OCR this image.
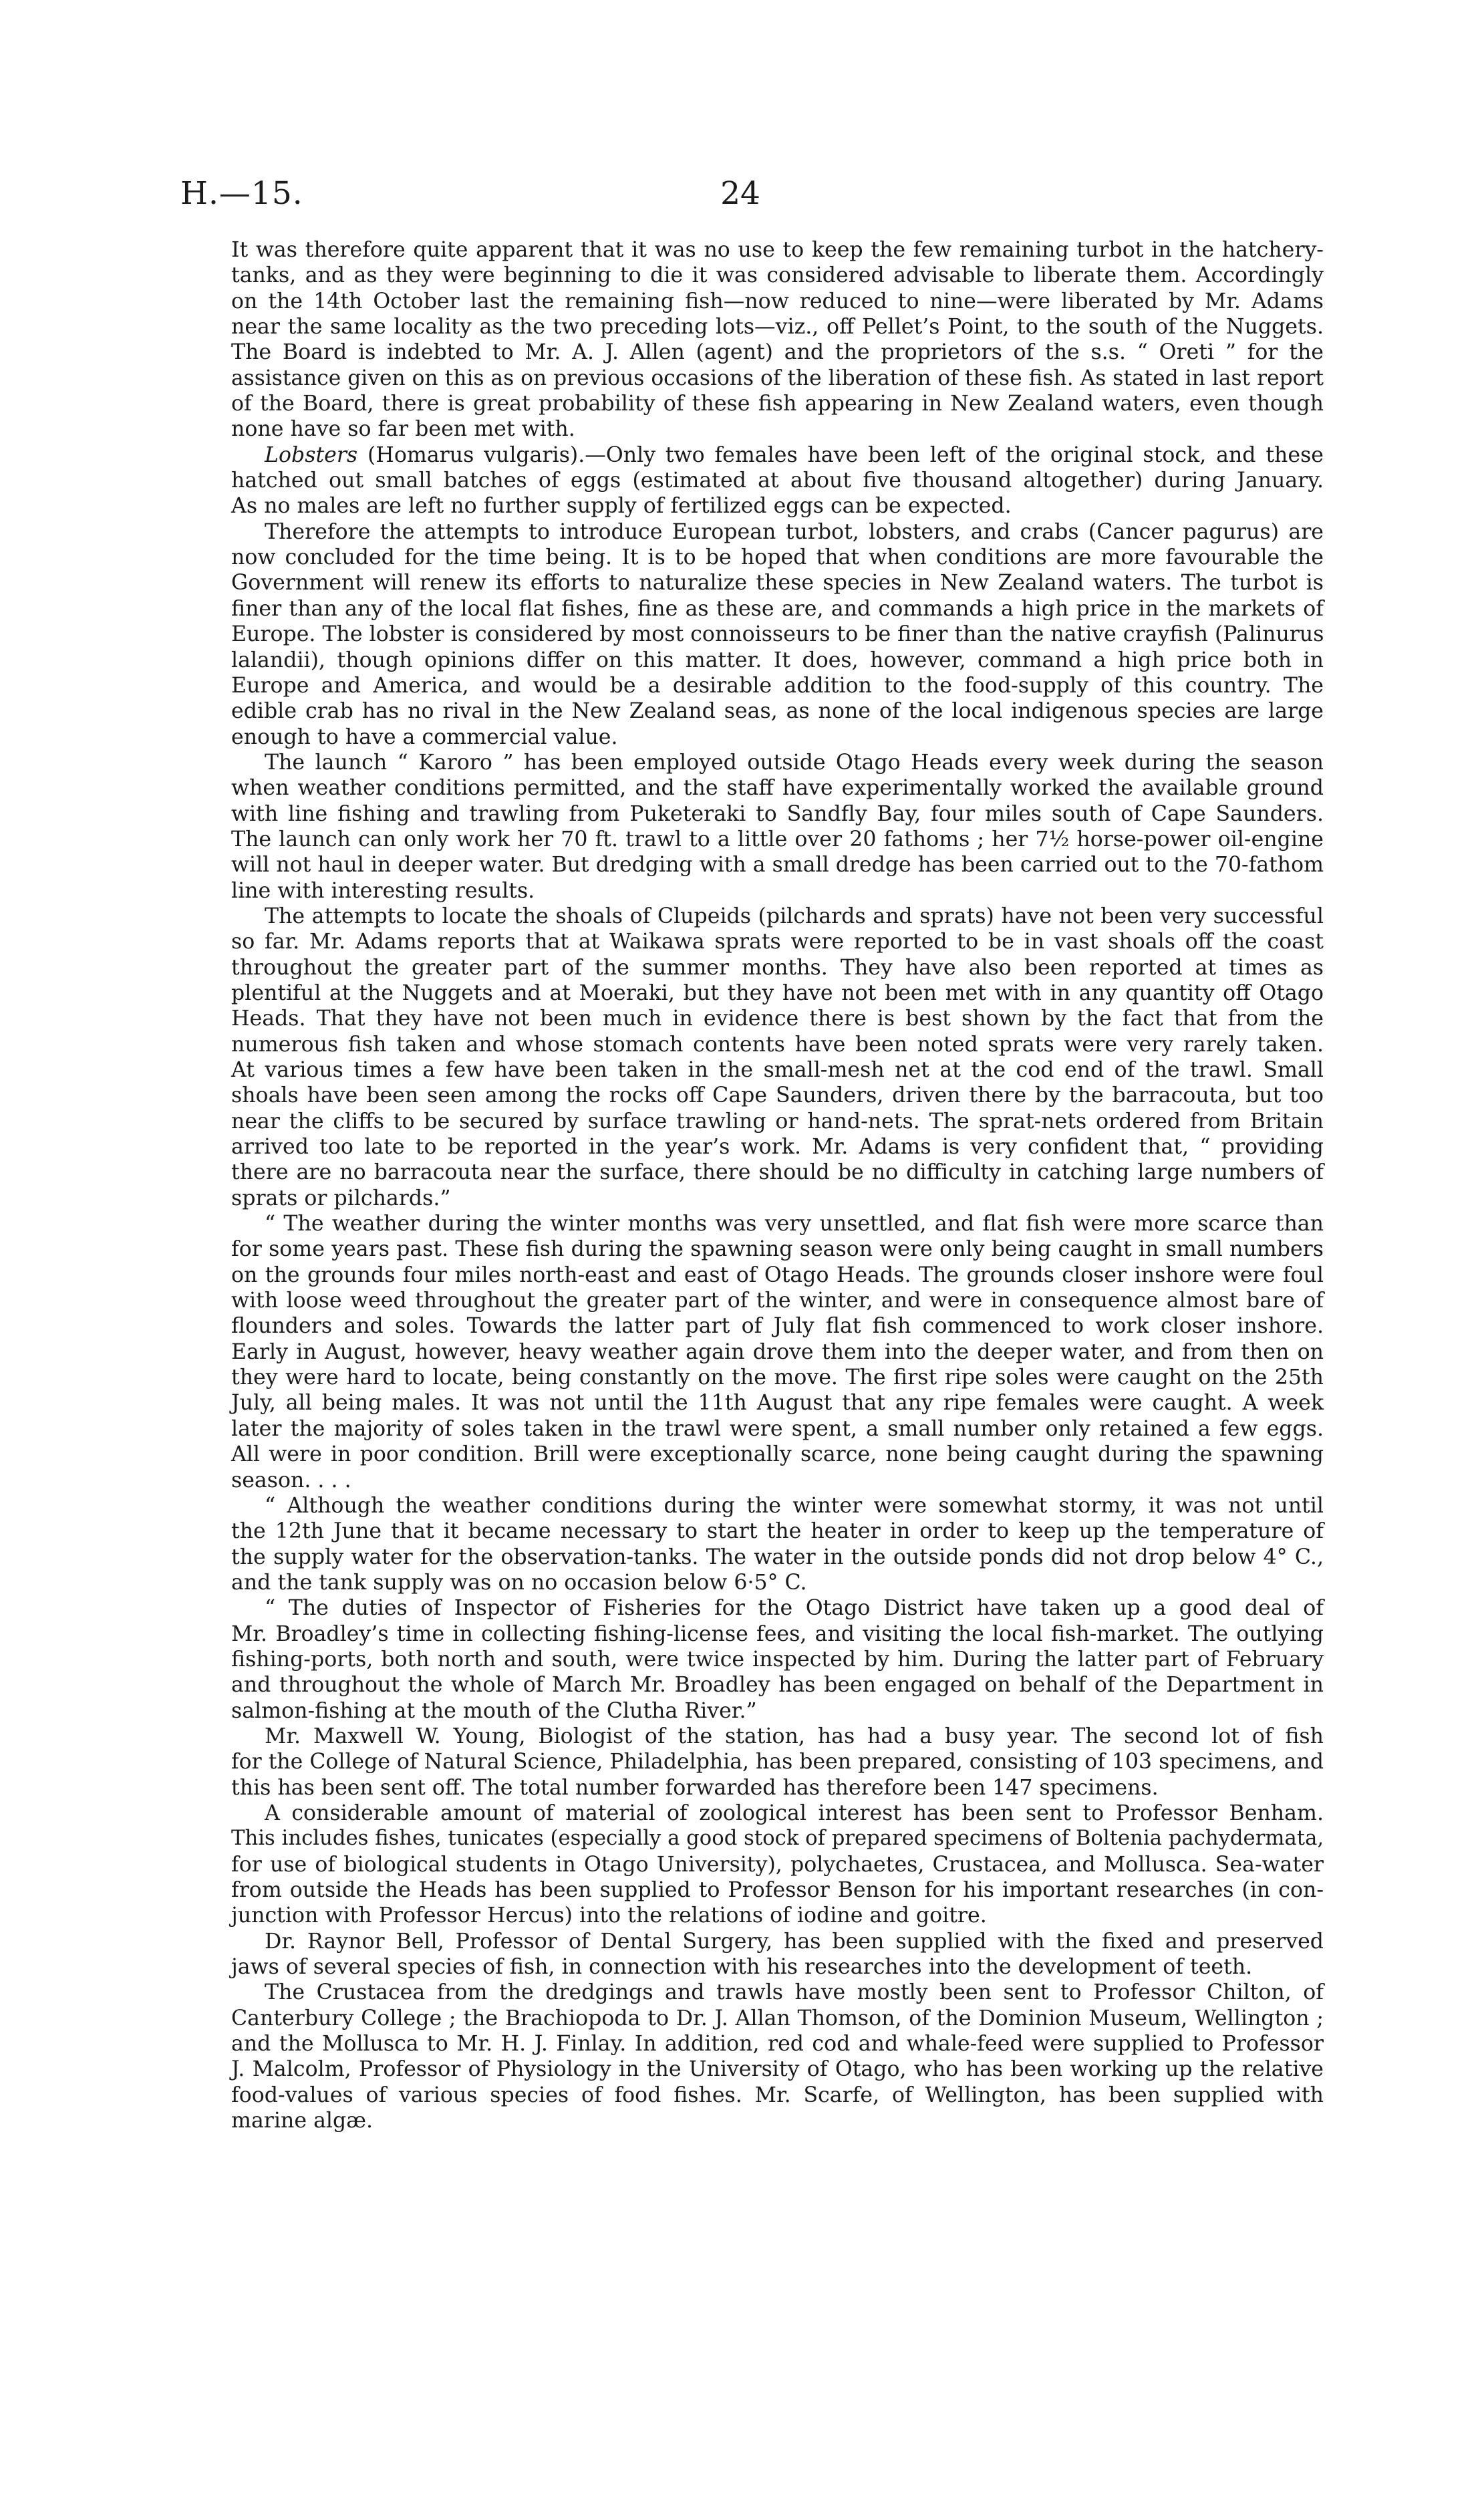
H.—15.	24

It was therefore quite apparent that it was no use to keep the few remaining turbot in the hatchery-

tanks, and as they were beginning to die it was considered advisable to liberate them. Accordingly

on the 14th October last the remaining fish—now reduced to nine—were liberated by Mr. Adams

near the same locality as the two preceding lots—viz., off Pellet’s Point, to the south of the Nuggets.

The Board is indebted to Mr. A. J. Allen (agent) and the proprietors of the s.s. “ Oreti ” for the

assistance given on this as on previous occasions of the liberation of these fish. As stated in last report

of the Board, there is great probability of these fish appearing in New Zealand waters, even though

none have so far been met with.

Lobsters (Homarus vulgaris).—Only two females have been left of the original stock, and these

hatched out small batches of eggs (estimated at about five thousand altogether) during January.

As no males are left no further supply of fertilized eggs can be expected.

Therefore the attempts to introduce European turbot, lobsters, and crabs (Cancer pagurus) are

now concluded for the time being. It is to be hoped that when conditions are more favourable the

Government will renew its efforts to naturalize these species in New Zealand waters. The turbot is

finer than any of the local flat fishes, fine as these are, and commands a high price in the markets of

Europe. The lobster is considered by most connoisseurs to be finer than the native crayfish (Palinurus

lalandii), though opinions differ on this matter. It does, however, command a high price both in

Europe and America, and would be a desirable addition to the food-supply of this country. The

edible crab has no rival in the New Zealand seas, as none of the local indigenous species are large

enough to have a commercial value.

The launch “ Karoro ” has been employed outside Otago Heads every week during the season

when weather conditions permitted, and the staff have experimentally worked the available ground

with line fishing and trawling from Puketeraki to Sandfly Bay, four miles south of Cape Saunders.

The launch can only work her 70 ft. trawl to a little over 20 fathoms ; her 7½ horse-power oil-engine

will not haul in deeper water. But dredging with a small dredge has been carried out to the 70-fathom

line with interesting results.

The attempts to locate the shoals of Clupeids (pilchards and sprats) have not been very successful

so far. Mr. Adams reports that at Waikawa sprats were reported to be in vast shoals off the coast

throughout the greater part of the summer months. They have also been reported at times as

plentiful at the Nuggets and at Moeraki, but they have not been met with in any quantity off Otago

Heads. That they have not been much in evidence there is best shown by the fact that from the

numerous fish taken and whose stomach contents have been noted sprats were very rarely taken.

At various times a few have been taken in the small-mesh net at the cod end of the trawl. Small

shoals have been seen among the rocks off Cape Saunders, driven there by the barracouta, but too

near the cliffs to be secured by surface trawling or hand-nets. The sprat-nets ordered from Britain

arrived too late to be reported in the year’s work. Mr. Adams is very confident that, “ providing

there are no barracouta near the surface, there should be no difficulty in catching large numbers of

sprats or pilchards.”

“ The weather during the winter months was very unsettled, and flat fish were more scarce than

for some years past. These fish during the spawning season were only being caught in small numbers

on the grounds four miles north-east and east of Otago Heads. The grounds closer inshore were foul

with loose weed throughout the greater part of the winter, and were in consequence almost bare of

flounders and soles. Towards the latter part of July flat fish commenced to work closer inshore.

Early in August, however, heavy weather again drove them into the deeper water, and from then on

they were hard to locate, being constantly on the move. The first ripe soles were caught on the 25th

July, all being males. It was not until the 11th August that any ripe females were caught. A week

later the majority of soles taken in the trawl were spent, a small number only retained a few eggs.

All were in poor condition. Brill were exceptionally scarce, none being caught during the spawning

season. . . .

“ Although the weather conditions during the winter were somewhat stormy, it was not until

the 12th June that it became necessary to start the heater in order to keep up the temperature of

the supply water for the observation-tanks. The water in the outside ponds did not drop below 4° C.,

and the tank supply was on no occasion below 6·5° C.

“ The duties of Inspector of Fisheries for the Otago District have taken up a good deal of

Mr. Broadley’s time in collecting fishing-license fees, and visiting the local fish-market. The outlying

fishing-ports, both north and south, were twice inspected by him. During the latter part of February

and throughout the whole of March Mr. Broadley has been engaged on behalf of the Department in

salmon-fishing at the mouth of the Clutha River.”

Mr. Maxwell W. Young, Biologist of the station, has had a busy year. The second lot of fish

for the College of Natural Science, Philadelphia, has been prepared, consisting of 103 specimens, and

this has been sent off. The total number forwarded has therefore been 147 specimens.

A considerable amount of material of zoological interest has been sent to Professor Benham.

This includes fishes, tunicates (especially a good stock of prepared specimens of Boltenia pachydermata,

for use of biological students in Otago University), polychaetes, Crustacea, and Mollusca. Sea-water

from outside the Heads has been supplied to Professor Benson for his important researches (in con-

junction with Professor Hercus) into the relations of iodine and goitre.

Dr. Raynor Bell, Professor of Dental Surgery, has been supplied with the fixed and preserved

jaws of several species of fish, in connection with his researches into the development of teeth.

The Crustacea from the dredgings and trawls have mostly been sent to Professor Chilton, of

Canterbury College ; the Brachiopoda to Dr. J. Allan Thomson, of the Dominion Museum, Wellington ;

and the Mollusca to Mr. H. J. Finlay. In addition, red cod and whale-feed were supplied to Professor

J. Malcolm, Professor of Physiology in the University of Otago, who has been working up the relative

food-values of various species of food fishes. Mr. Scarfe, of Wellington, has been supplied with

marine algæ.
